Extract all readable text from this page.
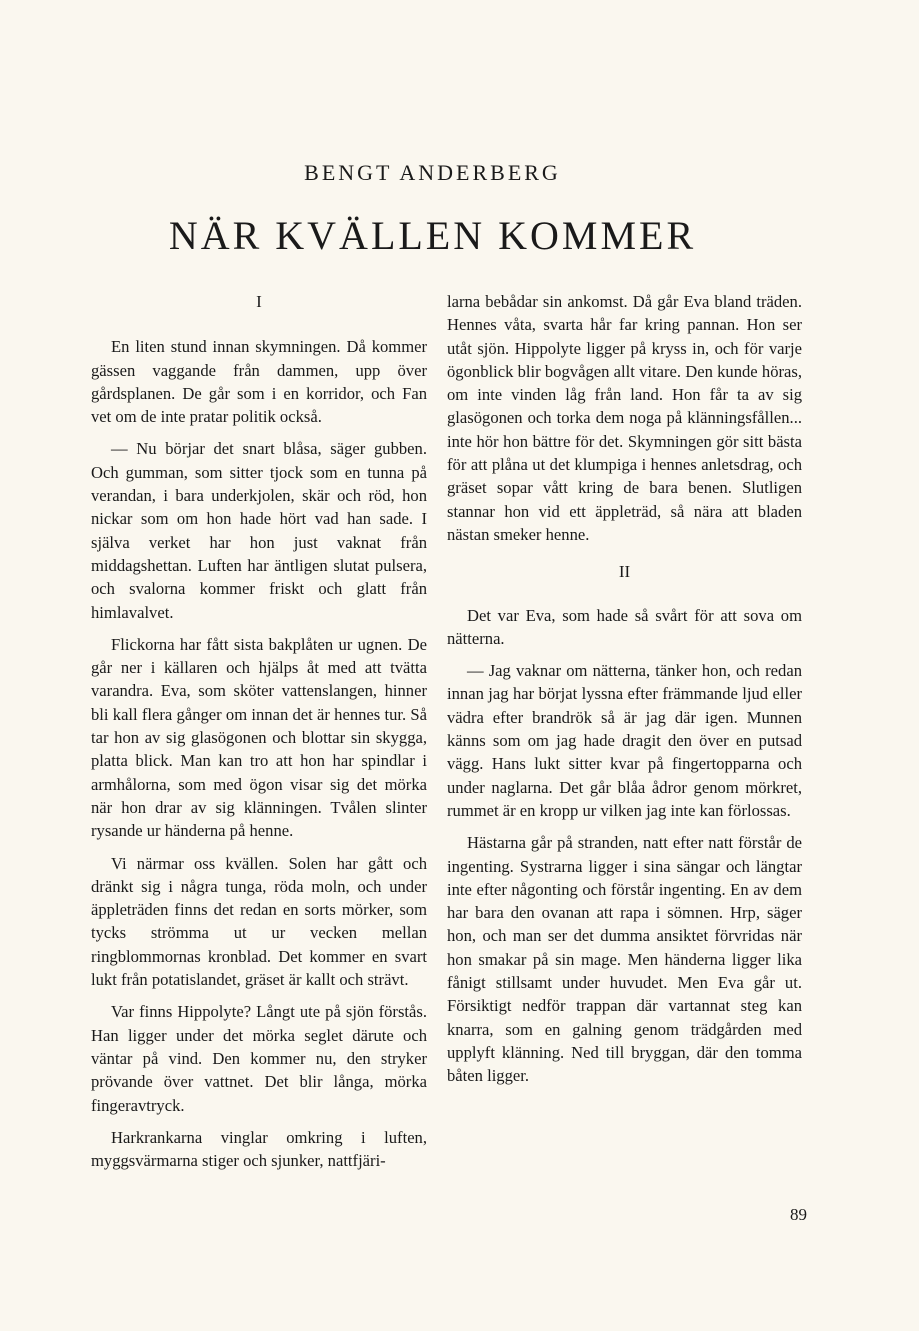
BENGT ANDERBERG
NÄR KVÄLLEN KOMMER

I

En liten stund innan skymningen. Då kommer gässen vaggande från dammen, upp över gårdsplanen. De går som i en korridor, och Fan vet om de inte pratar politik också.

— Nu börjar det snart blåsa, säger gubben. Och gumman, som sitter tjock som en tunna på verandan, i bara underkjolen, skär och röd, hon nickar som om hon hade hört vad han sade. I själva verket har hon just vaknat från middagshettan. Luften har äntligen slutat pulsera, och svalorna kommer friskt och glatt från himlavalvet.

Flickorna har fått sista bakplåten ur ugnen. De går ner i källaren och hjälps åt med att tvätta varandra. Eva, som sköter vattenslangen, hinner bli kall flera gånger om innan det är hennes tur. Så tar hon av sig glasögonen och blottar sin skygga, platta blick. Man kan tro att hon har spindlar i armhålorna, som med ögon visar sig det mörka när hon drar av sig klänningen. Tvålen slinter rysande ur händerna på henne.

Vi närmar oss kvällen. Solen har gått och dränkt sig i några tunga, röda moln, och under äppleträden finns det redan en sorts mörker, som tycks strömma ut ur vecken mellan ringblommornas kronblad. Det kommer en svart lukt från potatislandet, gräset är kallt och strävt.

Var finns Hippolyte? Långt ute på sjön förstås. Han ligger under det mörka seglet därute och väntar på vind. Den kommer nu, den stryker prövande över vattnet. Det blir långa, mörka fingeravtryck.

Harkrankarna vinglar omkring i luften, myggsvärmarna stiger och sjunker, nattfjäri-

larna bebådar sin ankomst. Då går Eva bland träden. Hennes våta, svarta hår far kring pannan. Hon ser utåt sjön. Hippolyte ligger på kryss in, och för varje ögonblick blir bogvågen allt vitare. Den kunde höras, om inte vinden låg från land. Hon får ta av sig glasögonen och torka dem noga på klänningsfållen... inte hör hon bättre för det. Skymningen gör sitt bästa för att plåna ut det klumpiga i hennes anletsdrag, och gräset sopar vått kring de bara benen. Slutligen stannar hon vid ett äppleträd, så nära att bladen nästan smeker henne.

II

Det var Eva, som hade så svårt för att sova om nätterna.

— Jag vaknar om nätterna, tänker hon, och redan innan jag har börjat lyssna efter främmande ljud eller vädra efter brandrök så är jag där igen. Munnen känns som om jag hade dragit den över en putsad vägg. Hans lukt sitter kvar på fingertopparna och under naglarna. Det går blåa ådror genom mörkret, rummet är en kropp ur vilken jag inte kan förlossas.

Hästarna går på stranden, natt efter natt förstår de ingenting. Systrarna ligger i sina sängar och längtar inte efter någonting och förstår ingenting. En av dem har bara den ovanan att rapa i sömnen. Hrp, säger hon, och man ser det dumma ansiktet förvridas när hon smakar på sin mage. Men händerna ligger lika fånigt stillsamt under huvudet. Men Eva går ut. Försiktigt nedför trappan där vartannat steg kan knarra, som en galning genom trädgården med upplyft klänning. Ned till bryggan, där den tomma båten ligger.

89
